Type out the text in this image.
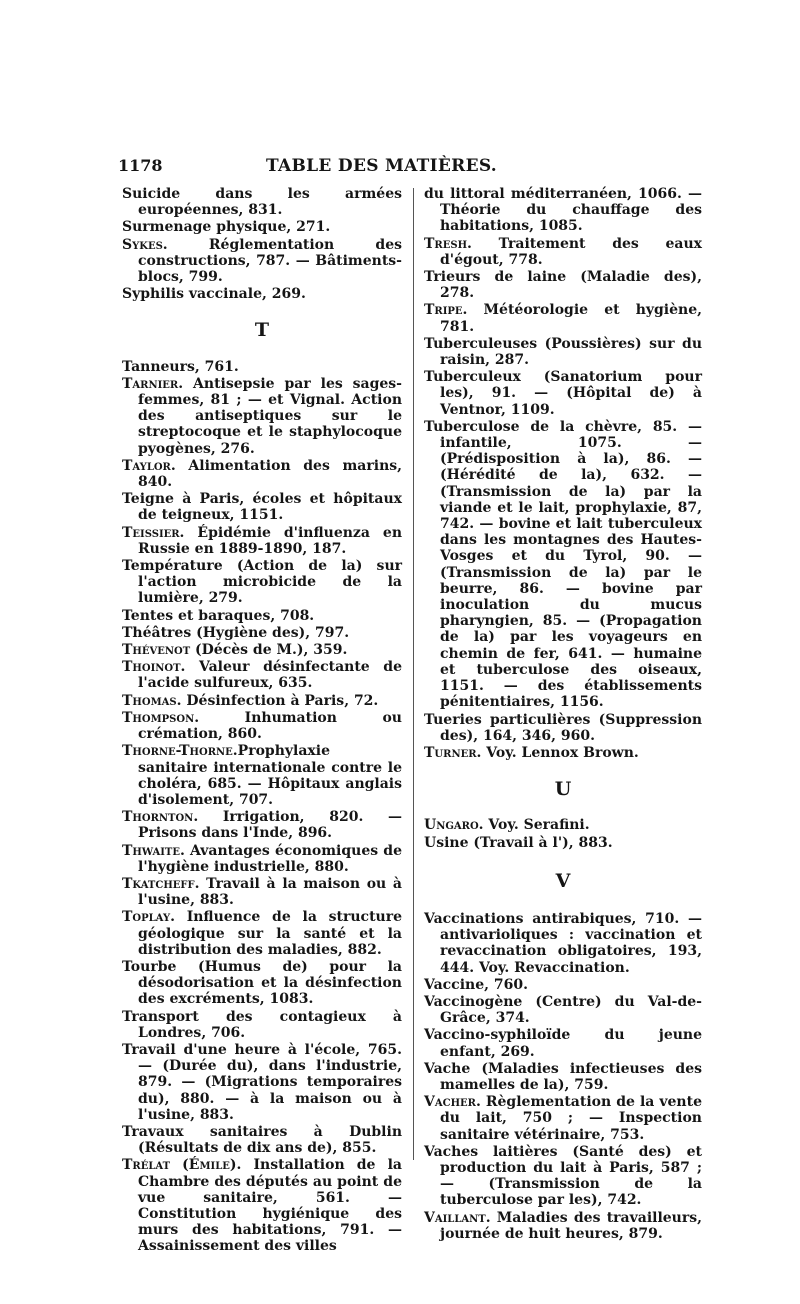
1178	TABLE DES MATIÈRES.
Suicide dans les armées européennes, 831.
Surmenage physique, 271.
Sykes. Réglementation des constructions, 787. — Bâtiments-blocs, 799.
Syphilis vaccinale, 269.
T
Tanneurs, 761.
Tarnier. Antisepsie par les sages-femmes, 81 ; — et Vignal. Action des antiseptiques sur le streptocoque et le staphylocoque pyogènes, 276.
Taylor. Alimentation des marins, 840.
Teigne à Paris, écoles et hôpitaux de teigneux, 1151.
Teissier. Épidémie d'influenza en Russie en 1889-1890, 187.
Température (Action de la) sur l'action microbicide de la lumière, 279.
Tentes et baraques, 708.
Théâtres (Hygiène des), 797.
Thévenot (Décès de M.), 359.
Thoinot. Valeur désinfectante de l'acide sulfureux, 635.
Thomas. Désinfection à Paris, 72.
Thompson. Inhumation ou crémation, 860.
Thorne-Thorne.Prophylaxie sanitaire internationale contre le choléra, 685. — Hôpitaux anglais d'isolement, 707.
Thornton. Irrigation, 820. — Prisons dans l'Inde, 896.
Thwaite. Avantages économiques de l'hygiène industrielle, 880.
Tkatcheff. Travail à la maison ou à l'usine, 883.
Toplay. Influence de la structure géologique sur la santé et la distribution des maladies, 882.
Tourbe (Humus de) pour la désodorisation et la désinfection des excréments, 1083.
Transport des contagieux à Londres, 706.
Travail d'une heure à l'école, 765. — (Durée du), dans l'industrie, 879. — (Migrations temporaires du), 880. — à la maison ou à l'usine, 883.
Travaux sanitaires à Dublin (Résultats de dix ans de), 855.
Trélat (Émile). Installation de la Chambre des députés au point de vue sanitaire, 561. — Constitution hygiénique des murs des habitations, 791. — Assainissement des villes
du littoral méditerranéen, 1066. — Théorie du chauffage des habitations, 1085.
Tresh. Traitement des eaux d'égout, 778.
Trieurs de laine (Maladie des), 278.
Tripe. Météorologie et hygiène, 781.
Tuberculeuses (Poussières) sur du raisin, 287.
Tuberculeux (Sanatorium pour les), 91. — (Hôpital de) à Ventnor, 1109.
Tuberculose de la chèvre, 85. — infantile, 1075. — (Prédisposition à la), 86. — (Hérédité de la), 632. — (Transmission de la) par la viande et le lait, prophylaxie, 87, 742. — bovine et lait tuberculeux dans les montagnes des Hautes-Vosges et du Tyrol, 90. — (Transmission de la) par le beurre, 86. — bovine par inoculation du mucus pharyngien, 85. — (Propagation de la) par les voyageurs en chemin de fer, 641. — humaine et tuberculose des oiseaux, 1151. — des établissements pénitentiaires, 1156.
Tueries particulières (Suppression des), 164, 346, 960.
Turner. Voy. Lennox Brown.
U
Ungaro. Voy. Serafini.
Usine (Travail à l'), 883.
V
Vaccinations antirabiques, 710. — antivarioliques : vaccination et revaccination obligatoires, 193, 444. Voy. Revaccination.
Vaccine, 760.
Vaccinogène (Centre) du Val-de-Grâce, 374.
Vaccino-syphiloïde du jeune enfant, 269.
Vache (Maladies infectieuses des mamelles de la), 759.
Vacher. Règlementation de la vente du lait, 750 ; — Inspection sanitaire vétérinaire, 753.
Vaches laitières (Santé des) et production du lait à Paris, 587 ; — (Transmission de la tuberculose par les), 742.
Vaillant. Maladies des travailleurs, journée de huit heures, 879.
